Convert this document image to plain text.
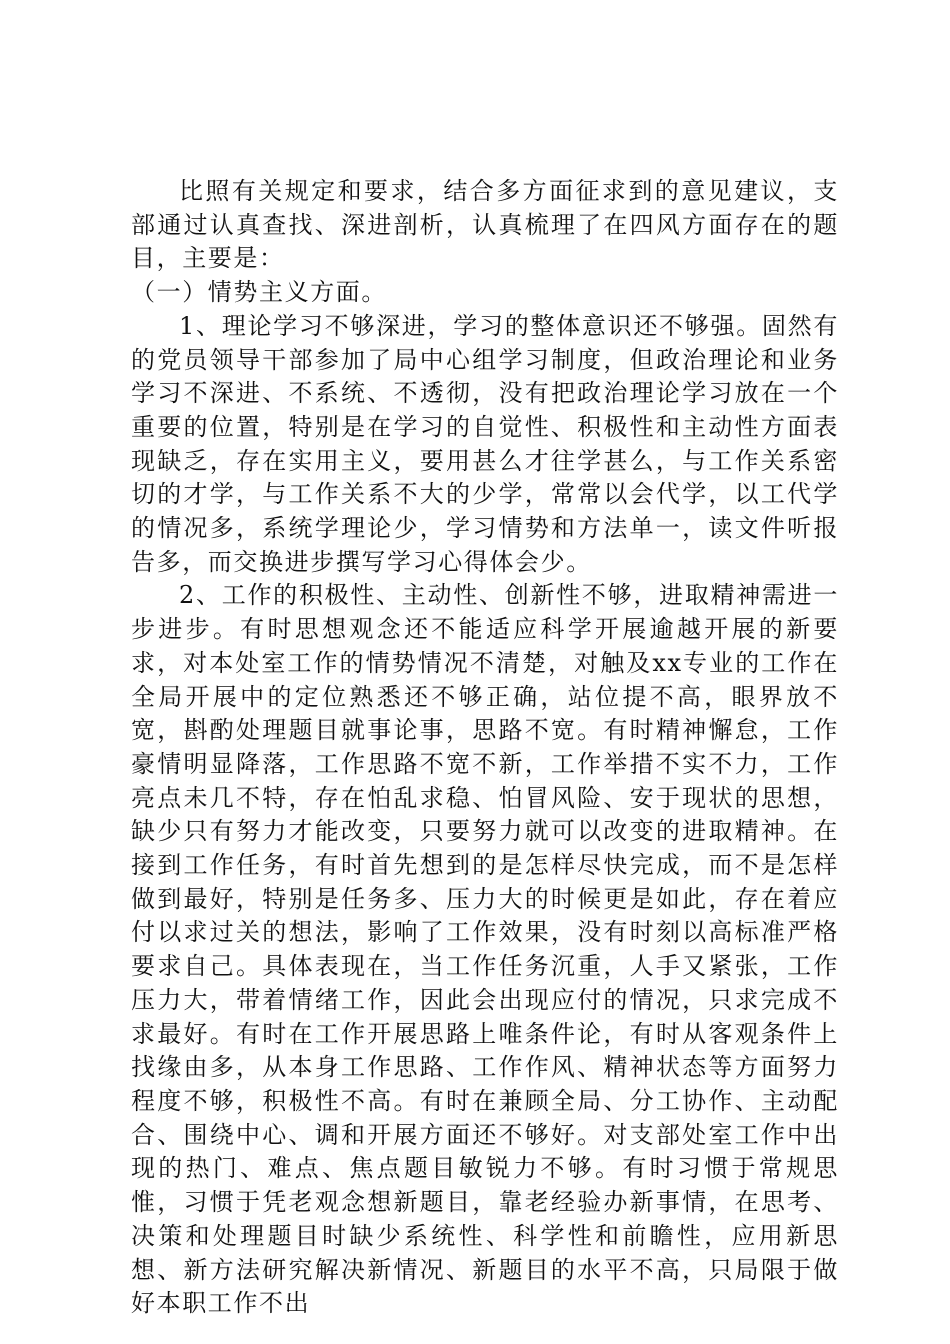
比照有关规定和要求，结合多方面征求到的意见建议，支部通过认真查找、深进剖析，认真梳理了在四风方面存在的题目，主要是：

（一）情势主义方面。

1、理论学习不够深进，学习的整体意识还不够强。固然有的党员领导干部参加了局中心组学习制度，但政治理论和业务学习不深进、不系统、不透彻，没有把政治理论学习放在一个重要的位置，特别是在学习的自觉性、积极性和主动性方面表现缺乏，存在实用主义，要用甚么才往学甚么，与工作关系密切的才学，与工作关系不大的少学，常常以会代学，以工代学的情况多，系统学理论少，学习情势和方法单一，读文件听报告多，而交换进步撰写学习心得体会少。

2、工作的积极性、主动性、创新性不够，进取精神需进一步进步。有时思想观念还不能适应科学开展逾越开展的新要求，对本处室工作的情势情况不清楚，对触及xx专业的工作在全局开展中的定位熟悉还不够正确，站位提不高，眼界放不宽，斟酌处理题目就事论事，思路不宽。有时精神懈怠，工作豪情明显降落，工作思路不宽不新，工作举措不实不力，工作亮点未几不特，存在怕乱求稳、怕冒风险、安于现状的思想，缺少只有努力才能改变，只要努力就可以改变的进取精神。在接到工作任务，有时首先想到的是怎样尽快完成，而不是怎样做到最好，特别是任务多、压力大的时候更是如此，存在着应付以求过关的想法，影响了工作效果，没有时刻以高标准严格要求自己。具体表现在，当工作任务沉重，人手又紧张，工作压力大，带着情绪工作，因此会出现应付的情况，只求完成不求最好。有时在工作开展思路上唯条件论，有时从客观条件上找缘由多，从本身工作思路、工作作风、精神状态等方面努力程度不够，积极性不高。有时在兼顾全局、分工协作、主动配合、围绕中心、调和开展方面还不够好。对支部处室工作中出现的热门、难点、焦点题目敏锐力不够。有时习惯于常规思惟，习惯于凭老观念想新题目，靠老经验办新事情，在思考、决策和处理题目时缺少系统性、科学性和前瞻性，应用新思想、新方法研究解决新情况、新题目的水平不高，只局限于做好本职工作不出
